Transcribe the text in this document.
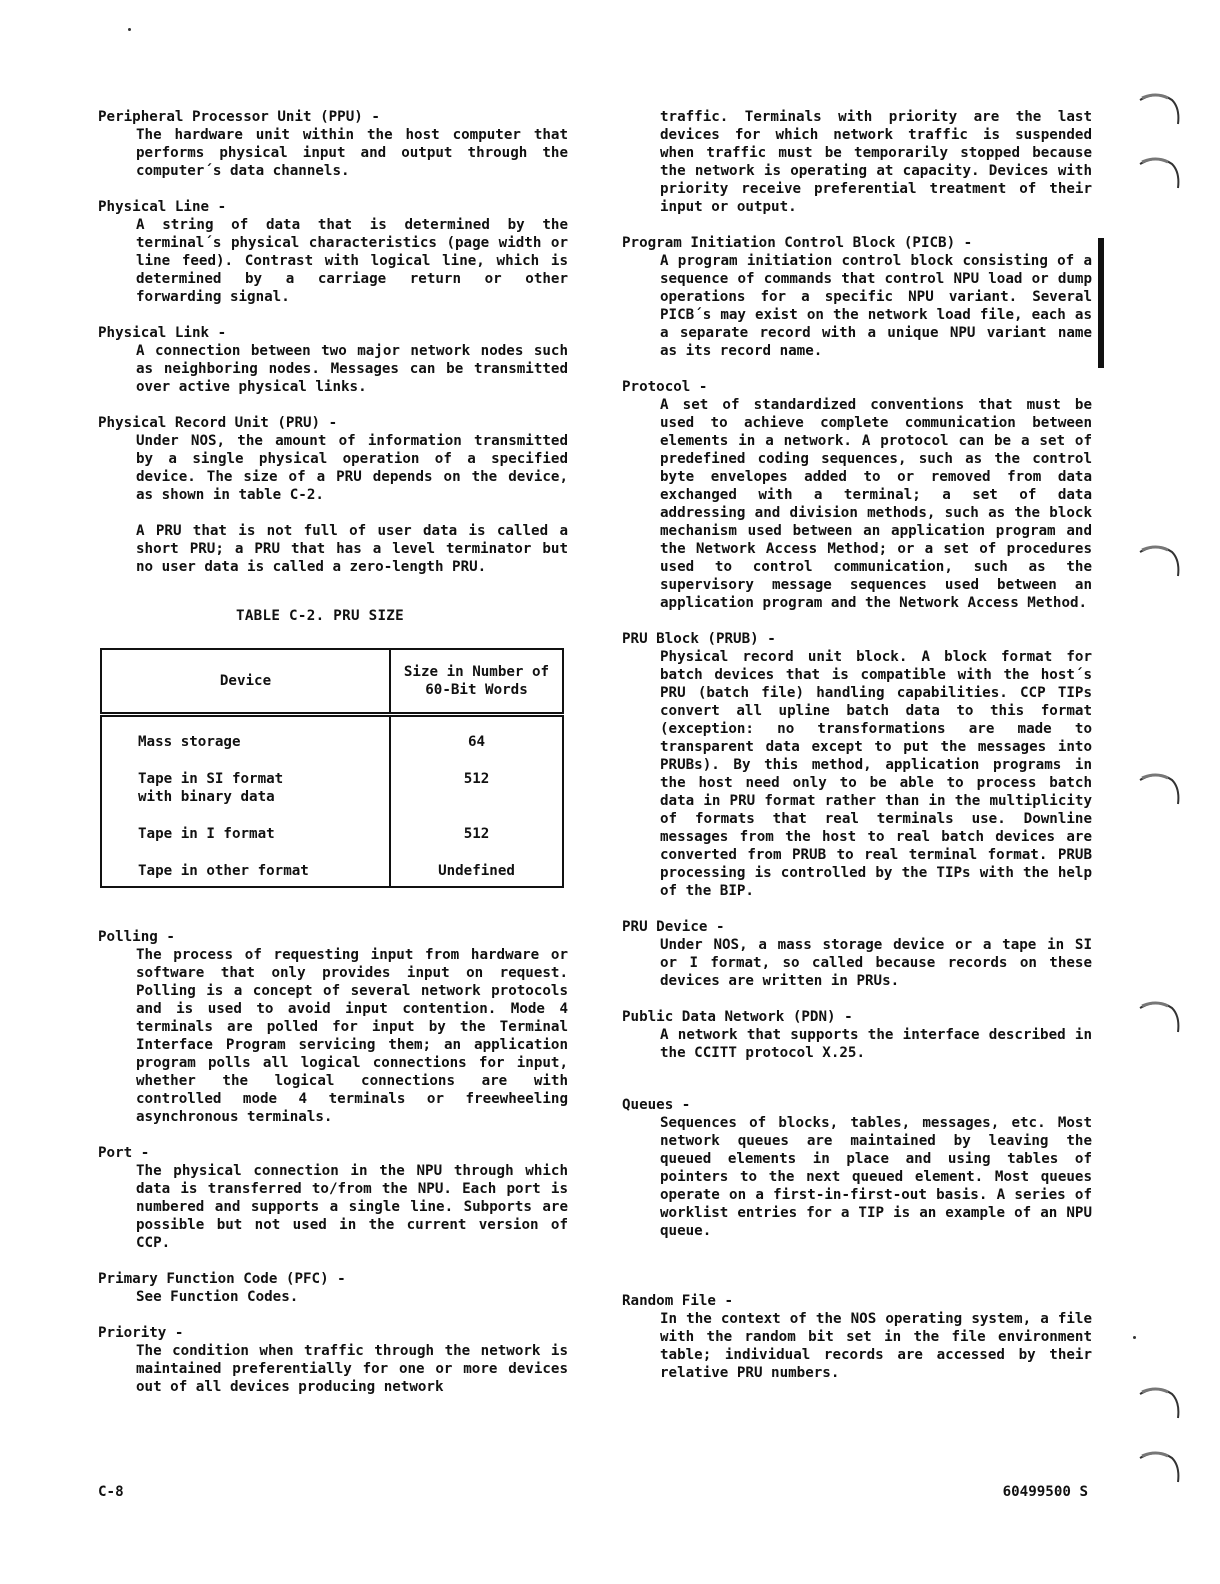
Peripheral Processor Unit (PPU) -
The hardware unit within the host computer that performs physical input and output through the computer´s data channels.
Physical Line -
A string of data that is determined by the terminal´s physical characteristics (page width or line feed). Contrast with logical line, which is determined by a carriage return or other forwarding signal.
Physical Link -
A connection between two major network nodes such as neighboring nodes. Messages can be transmitted over active physical links.
Physical Record Unit (PRU) -
Under NOS, the amount of information transmitted by a single physical operation of a specified device. The size of a PRU depends on the device, as shown in table C-2.
A PRU that is not full of user data is called a short PRU; a PRU that has a level terminator but no user data is called a zero-length PRU.
TABLE C-2. PRU SIZE
Device	Size in Number of 60-Bit Words

Mass storage	64

Tape in SI format with binary data	512
Tape in I format	512
Tape in other format	Undefined
Polling -
The process of requesting input from hardware or software that only provides input on request. Polling is a concept of several network protocols and is used to avoid input contention. Mode 4 terminals are polled for input by the Terminal Interface Program servicing them; an application program polls all logical connections for input, whether the logical connections are with controlled mode 4 terminals or freewheeling asynchronous terminals.
Port -
The physical connection in the NPU through which data is transferred to/from the NPU. Each port is numbered and supports a single line. Subports are possible but not used in the current version of CCP.
Primary Function Code (PFC) -
See Function Codes.
Priority -
The condition when traffic through the network is maintained preferentially for one or more devices out of all devices producing network
traffic. Terminals with priority are the last devices for which network traffic is suspended when traffic must be temporarily stopped because the network is operating at capacity. Devices with priority receive preferential treatment of their input or output.
Program Initiation Control Block (PICB) -
A program initiation control block consisting of a sequence of commands that control NPU load or dump operations for a specific NPU variant. Several PICB´s may exist on the network load file, each as a separate record with a unique NPU variant name as its record name.
Protocol -
A set of standardized conventions that must be used to achieve complete communication between elements in a network. A protocol can be a set of predefined coding sequences, such as the control byte envelopes added to or removed from data exchanged with a terminal; a set of data addressing and division methods, such as the block mechanism used between an application program and the Network Access Method; or a set of procedures used to control communication, such as the supervisory message sequences used between an application program and the Network Access Method.
PRU Block (PRUB) -
Physical record unit block. A block format for batch devices that is compatible with the host´s PRU (batch file) handling capabilities. CCP TIPs convert all upline batch data to this format (exception: no transformations are made to transparent data except to put the messages into PRUBs). By this method, application programs in the host need only to be able to process batch data in PRU format rather than in the multiplicity of formats that real terminals use. Downline messages from the host to real batch devices are converted from PRUB to real terminal format. PRUB processing is controlled by the TIPs with the help of the BIP.
PRU Device -
Under NOS, a mass storage device or a tape in SI or I format, so called because records on these devices are written in PRUs.
Public Data Network (PDN) -
A network that supports the interface described in the CCITT protocol X.25.
Queues -
Sequences of blocks, tables, messages, etc. Most network queues are maintained by leaving the queued elements in place and using tables of pointers to the next queued element. Most queues operate on a first-in-first-out basis. A series of worklist entries for a TIP is an example of an NPU queue.
Random File -
In the context of the NOS operating system, a file with the random bit set in the file environment table; individual records are accessed by their relative PRU numbers.
C-8	60499500 S
